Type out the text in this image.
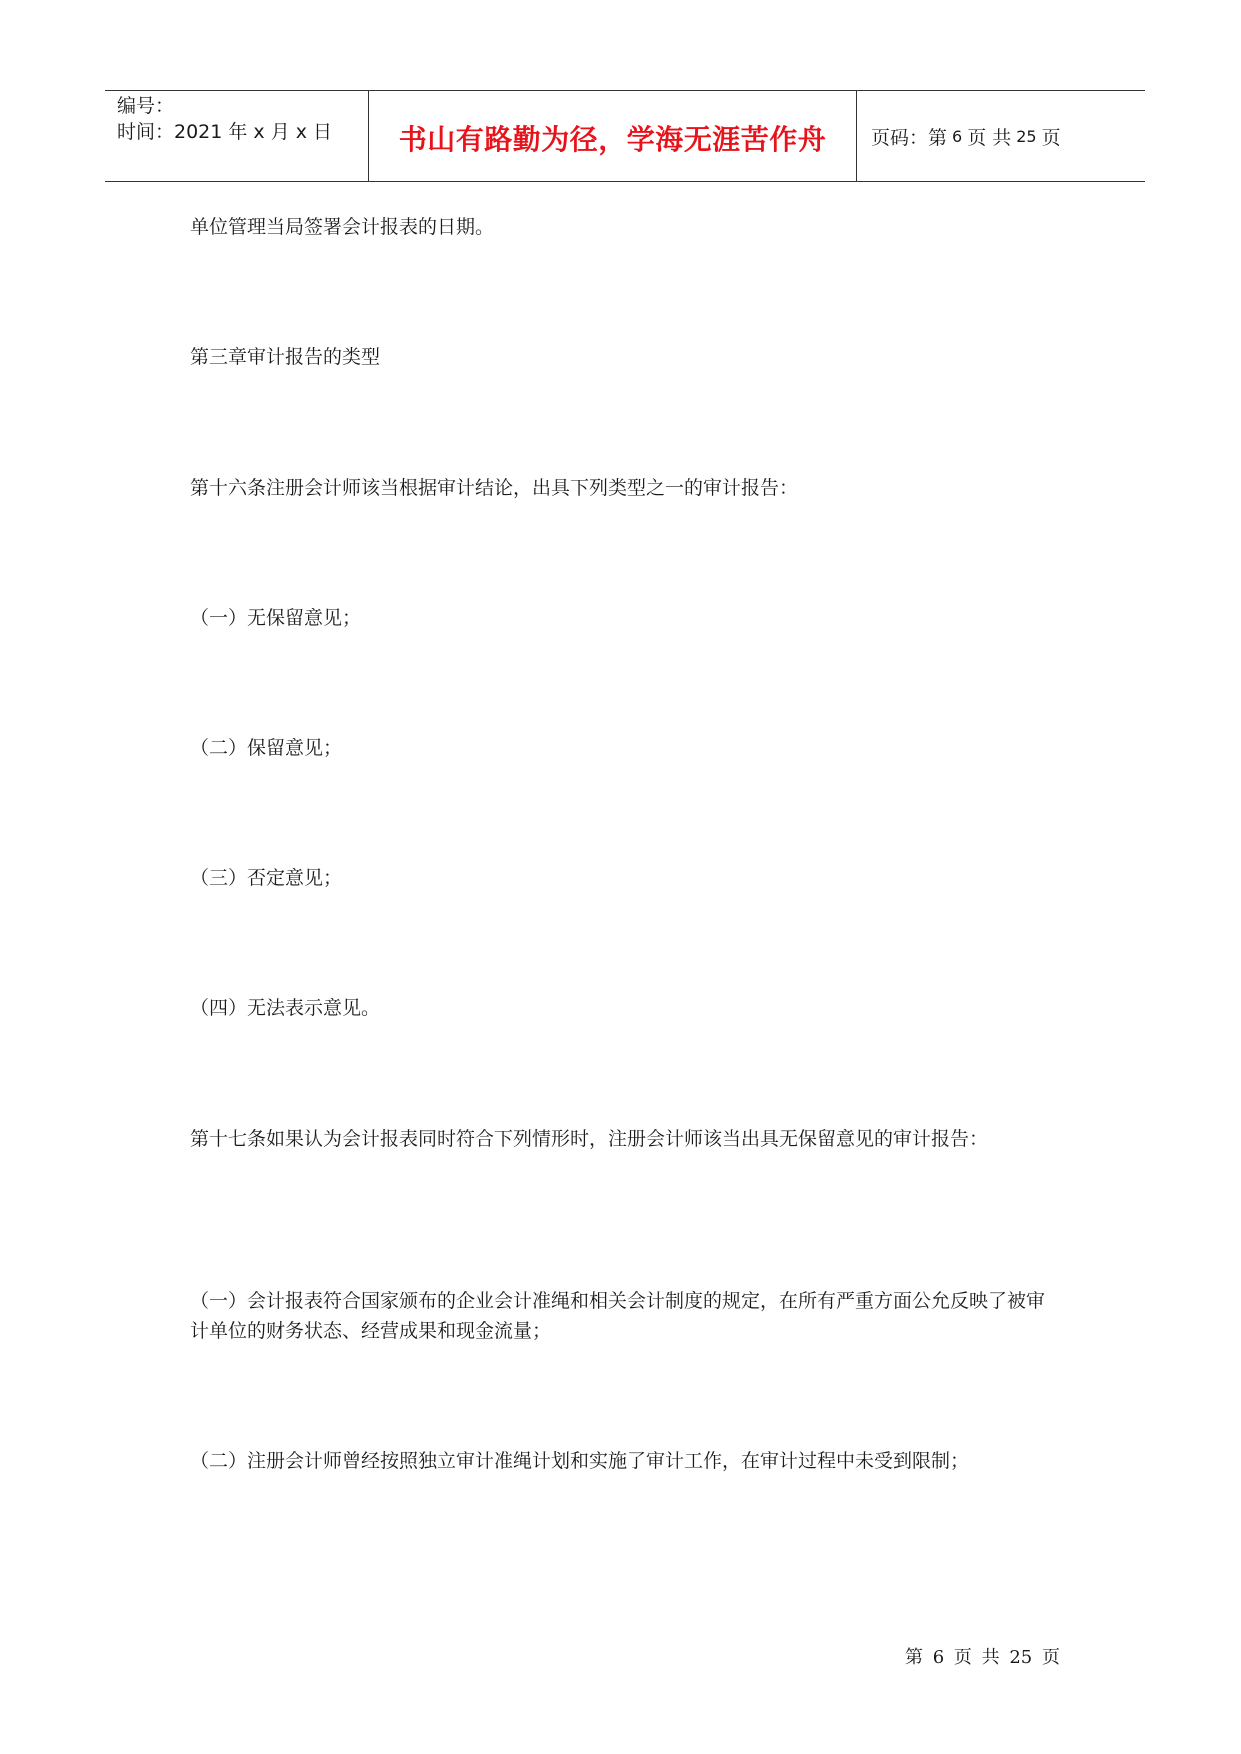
编号：
时间：2021 年 x 月 x 日	书山有路勤为径，学海无涯苦作舟	页码：第 6 页 共 25 页

单位管理当局签署会计报表的日期。

第三章审计报告的类型

第十六条注册会计师该当根据审计结论，出具下列类型之一的审计报告：

（一）无保留意见；

（二）保留意见；

（三）否定意见；

（四）无法表示意见。

第十七条如果认为会计报表同时符合下列情形时，注册会计师该当出具无保留意见的审计报告：

（一）会计报表符合国家颁布的企业会计准绳和相关会计制度的规定，在所有严重方面公允反映了被审计单位的财务状态、经营成果和现金流量；

（二）注册会计师曾经按照独立审计准绳计划和实施了审计工作，在审计过程中未受到限制；

第 6 页 共 25 页
